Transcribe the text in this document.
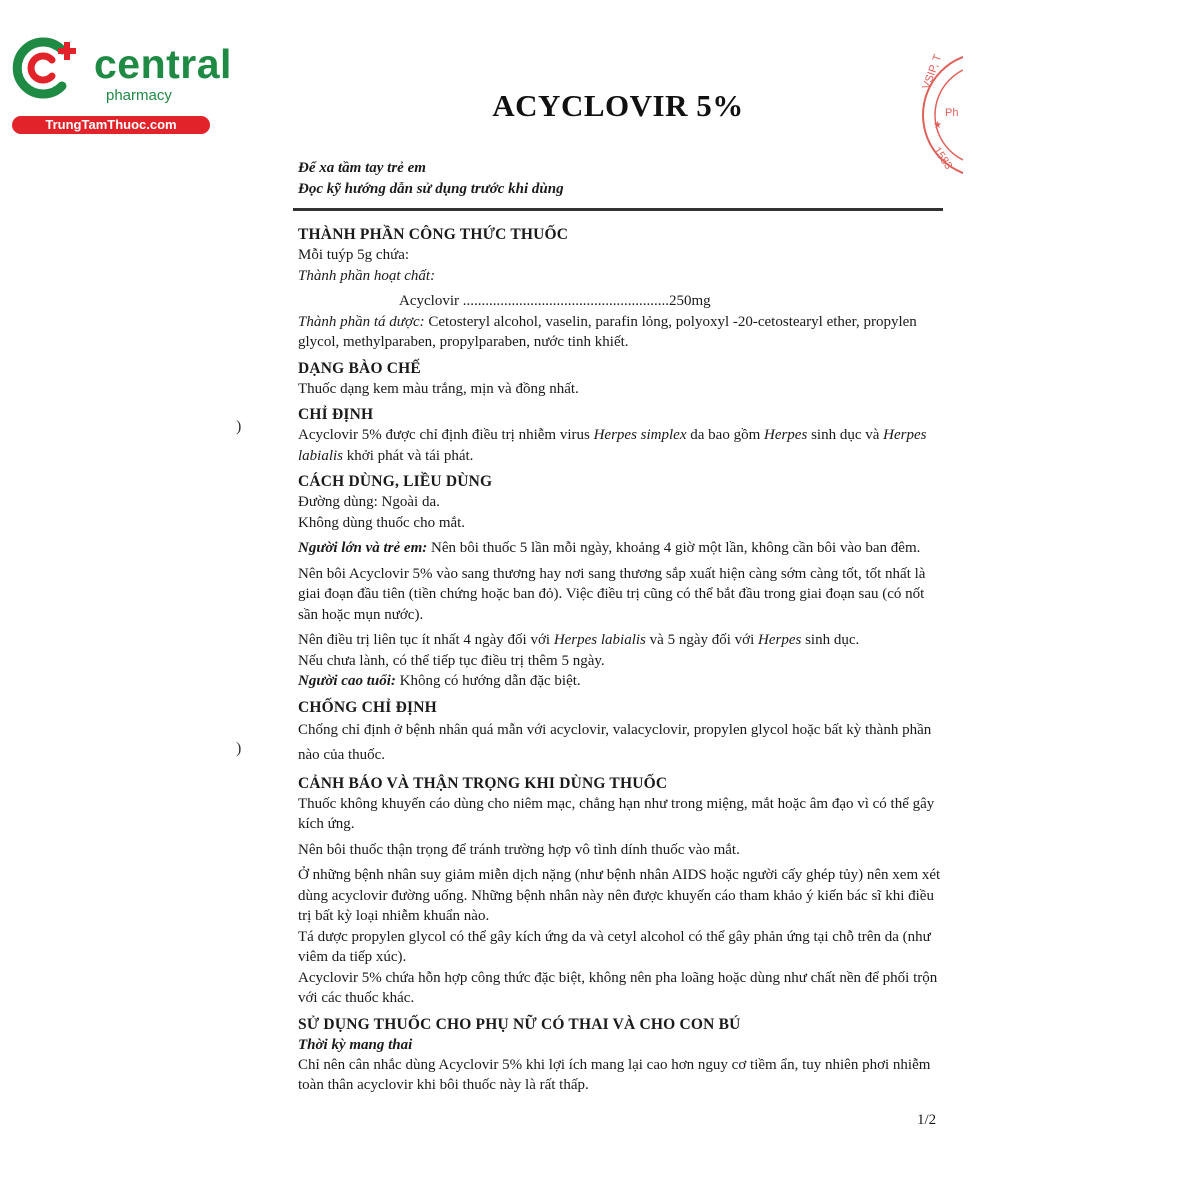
central
pharmacy
TrungTamThuoc.com
VSIP, T
Ph
★
1583
ACYCLOVIR 5%
Để xa tầm tay trẻ em
Đọc kỹ hướng dẫn sử dụng trước khi dùng
)
)
THÀNH PHẦN CÔNG THỨC THUỐC

Mỗi tuýp 5g chứa:

Thành phần hoạt chất:

Acyclovir .......................................................250mg

Thành phần tá dược: Cetosteryl alcohol, vaselin, parafin lỏng, polyoxyl -20-cetostearyl ether, propylen glycol, methylparaben, propylparaben, nước tinh khiết.

DẠNG BÀO CHẾ

Thuốc dạng kem màu trắng, mịn và đồng nhất.

CHỈ ĐỊNH

Acyclovir 5% được chỉ định điều trị nhiễm virus Herpes simplex da bao gồm Herpes sinh dục và Herpes labialis khởi phát và tái phát.

CÁCH DÙNG, LIỀU DÙNG

Đường dùng: Ngoài da.

Không dùng thuốc cho mắt.

Người lớn và trẻ em: Nên bôi thuốc 5 lần mỗi ngày, khoảng 4 giờ một lần, không cần bôi vào ban đêm.

Nên bôi Acyclovir 5% vào sang thương hay nơi sang thương sắp xuất hiện càng sớm càng tốt, tốt nhất là giai đoạn đầu tiên (tiền chứng hoặc ban đỏ). Việc điều trị cũng có thể bắt đầu trong giai đoạn sau (có nốt sần hoặc mụn nước).

Nên điều trị liên tục ít nhất 4 ngày đối với Herpes labialis và 5 ngày đối với Herpes sinh dục.

Nếu chưa lành, có thể tiếp tục điều trị thêm 5 ngày.

Người cao tuổi: Không có hướng dẫn đặc biệt.

CHỐNG CHỈ ĐỊNH

Chống chỉ định ở bệnh nhân quá mẫn với acyclovir, valacyclovir, propylen glycol hoặc bất kỳ thành phần nào của thuốc.

CẢNH BÁO VÀ THẬN TRỌNG KHI DÙNG THUỐC

Thuốc không khuyến cáo dùng cho niêm mạc, chẳng hạn như trong miệng, mắt hoặc âm đạo vì có thể gây kích ứng.

Nên bôi thuốc thận trọng để tránh trường hợp vô tình dính thuốc vào mắt.

Ở những bệnh nhân suy giảm miễn dịch nặng (như bệnh nhân AIDS hoặc người cấy ghép tủy) nên xem xét dùng acyclovir đường uống. Những bệnh nhân này nên được khuyến cáo tham khảo ý kiến bác sĩ khi điều trị bất kỳ loại nhiễm khuẩn nào.

Tá dược propylen glycol có thể gây kích ứng da và cetyl alcohol có thể gây phản ứng tại chỗ trên da (như viêm da tiếp xúc).

Acyclovir 5% chứa hỗn hợp công thức đặc biệt, không nên pha loãng hoặc dùng như chất nền để phối trộn với các thuốc khác.

SỬ DỤNG THUỐC CHO PHỤ NỮ CÓ THAI VÀ CHO CON BÚ
Thời kỳ mang thai

Chỉ nên cân nhắc dùng Acyclovir 5% khi lợi ích mang lại cao hơn nguy cơ tiềm ẩn, tuy nhiên phơi nhiễm toàn thân acyclovir khi bôi thuốc này là rất thấp.

1/2
